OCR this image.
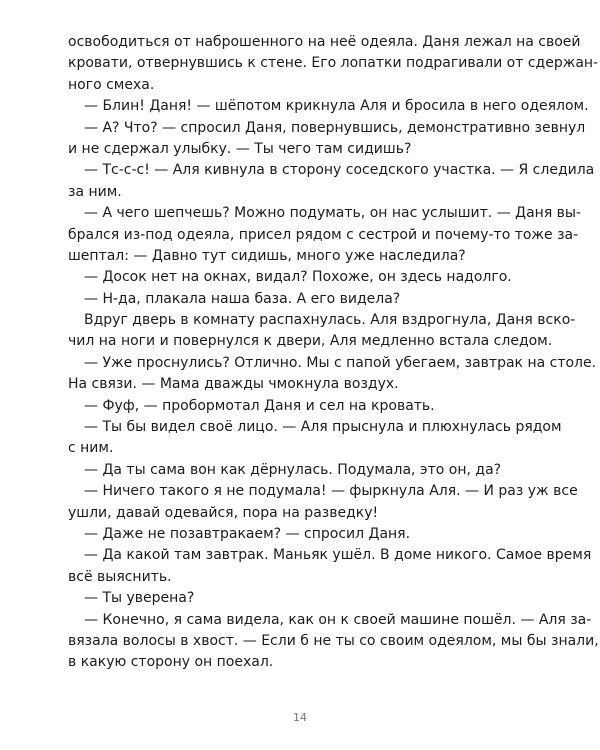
освободиться от наброшенного на неё одеяла. Даня лежал на своей
кровати, отвернувшись к стене. Его лопатки подрагивали от сдержан-
ного смеха.
— Блин! Даня! — шёпотом крикнула Аля и бросила в него одеялом.
— А? Что? — спросил Даня, повернувшись, демонстративно зевнул
и не сдержал улыбку. — Ты чего там сидишь?
— Тс-с-с! — Аля кивнула в сторону соседского участка. — Я следила
за ним.
— А чего шепчешь? Можно подумать, он нас услышит. — Даня вы-
брался из-под одеяла, присел рядом с сестрой и почему-то тоже за-
шептал: — Давно тут сидишь, много уже наследила?
— Досок нет на окнах, видал? Похоже, он здесь надолго.
— Н-да, плакала наша база. А его видела?
Вдруг дверь в комнату распахнулась. Аля вздрогнула, Даня вско-
чил на ноги и повернулся к двери, Аля медленно встала следом.
— Уже проснулись? Отлично. Мы с папой убегаем, завтрак на столе.
На связи. — Мама дважды чмокнула воздух.
— Фуф, — пробормотал Даня и сел на кровать.
— Ты бы видел своё лицо. — Аля прыснула и плюхнулась рядом
с ним.
— Да ты сама вон как дёрнулась. Подумала, это он, да?
— Ничего такого я не подумала! — фыркнула Аля. — И раз уж все
ушли, давай одевайся, пора на разведку!
— Даже не позавтракаем? — спросил Даня.
— Да какой там завтрак. Маньяк ушёл. В доме никого. Самое время
всё выяснить.
— Ты уверена?
— Конечно, я сама видела, как он к своей машине пошёл. — Аля за-
вязала волосы в хвост. — Если б не ты со своим одеялом, мы бы знали,
в какую сторону он поехал.
14
